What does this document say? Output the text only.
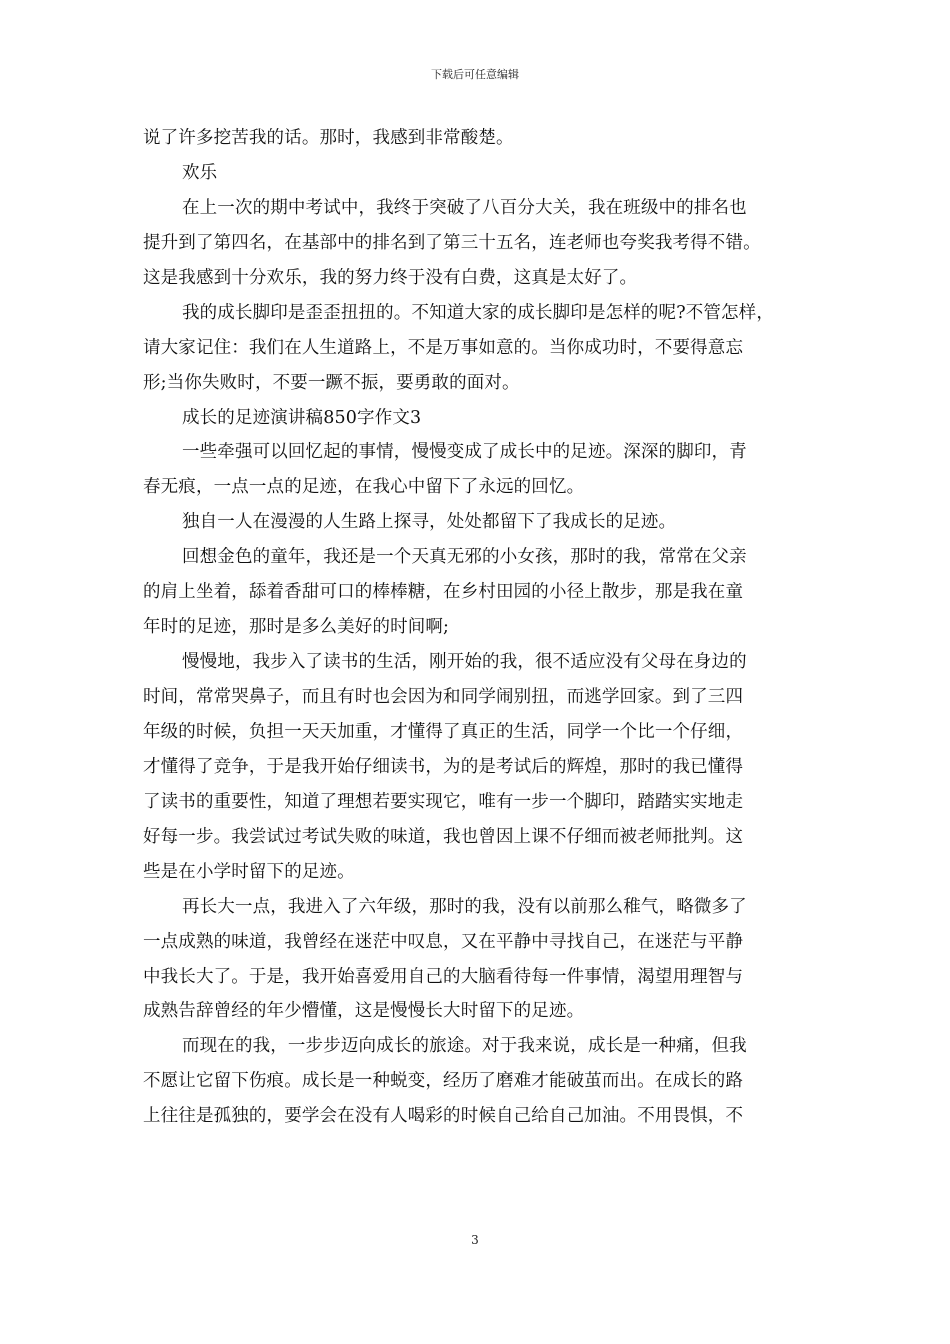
下载后可任意编辑
说了许多挖苦我的话。那时，我感到非常酸楚。
欢乐
在上一次的期中考试中，我终于突破了八百分大关，我在班级中的排名也
提升到了第四名，在基部中的排名到了第三十五名，连老师也夸奖我考得不错。
这是我感到十分欢乐，我的努力终于没有白费，这真是太好了。
我的成长脚印是歪歪扭扭的。不知道大家的成长脚印是怎样的呢?不管怎样，
请大家记住：我们在人生道路上，不是万事如意的。当你成功时，不要得意忘
形;当你失败时，不要一蹶不振，要勇敢的面对。
成长的足迹演讲稿850字作文3
一些牵强可以回忆起的事情，慢慢变成了成长中的足迹。深深的脚印，青
春无痕，一点一点的足迹，在我心中留下了永远的回忆。
独自一人在漫漫的人生路上探寻，处处都留下了我成长的足迹。
回想金色的童年，我还是一个天真无邪的小女孩，那时的我，常常在父亲
的肩上坐着，舔着香甜可口的棒棒糖，在乡村田园的小径上散步，那是我在童
年时的足迹，那时是多么美好的时间啊;
慢慢地，我步入了读书的生活，刚开始的我，很不适应没有父母在身边的
时间，常常哭鼻子，而且有时也会因为和同学闹别扭，而逃学回家。到了三四
年级的时候，负担一天天加重，才懂得了真正的生活，同学一个比一个仔细，
才懂得了竞争，于是我开始仔细读书，为的是考试后的辉煌，那时的我已懂得
了读书的重要性，知道了理想若要实现它，唯有一步一个脚印，踏踏实实地走
好每一步。我尝试过考试失败的味道，我也曾因上课不仔细而被老师批判。这
些是在小学时留下的足迹。
再长大一点，我进入了六年级，那时的我，没有以前那么稚气，略微多了
一点成熟的味道，我曾经在迷茫中叹息，又在平静中寻找自己，在迷茫与平静
中我长大了。于是，我开始喜爱用自己的大脑看待每一件事情，渴望用理智与
成熟告辞曾经的年少懵懂，这是慢慢长大时留下的足迹。
而现在的我，一步步迈向成长的旅途。对于我来说，成长是一种痛，但我
不愿让它留下伤痕。成长是一种蜕变，经历了磨难才能破茧而出。在成长的路
上往往是孤独的，要学会在没有人喝彩的时候自己给自己加油。不用畏惧，不
3
